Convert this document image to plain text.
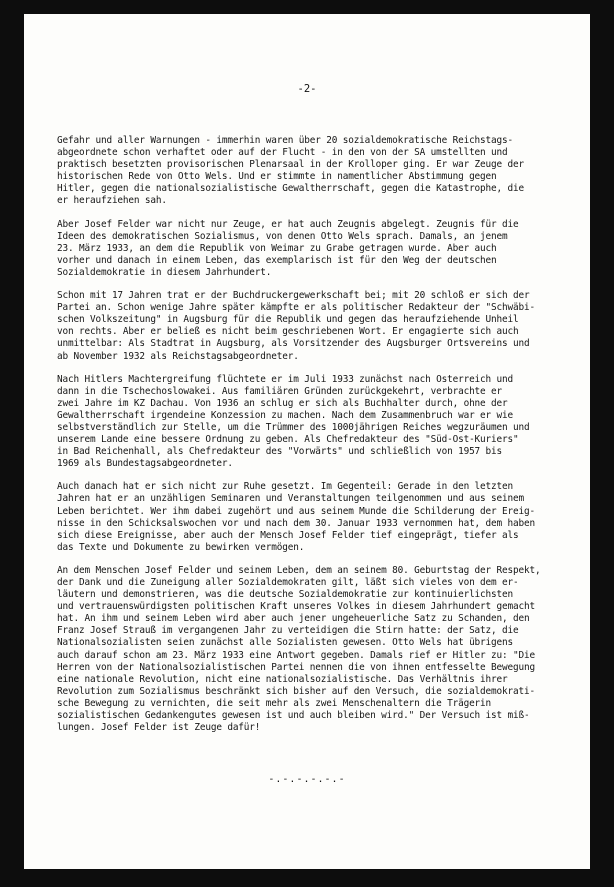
-2-

Gefahr und aller Warnungen - immerhin waren über 20 sozialdemokratische Reichstags-
abgeordnete schon verhaftet oder auf der Flucht - in den von der SA umstellten und
praktisch besetzten provisorischen Plenarsaal in der Krolloper ging. Er war Zeuge der
historischen Rede von Otto Wels. Und er stimmte in namentlicher Abstimmung gegen
Hitler, gegen die nationalsozialistische Gewaltherrschaft, gegen die Katastrophe, die
er heraufziehen sah.

Aber Josef Felder war nicht nur Zeuge, er hat auch Zeugnis abgelegt. Zeugnis für die
Ideen des demokratischen Sozialismus, von denen Otto Wels sprach. Damals, an jenem
23. März 1933, an dem die Republik von Weimar zu Grabe getragen wurde. Aber auch
vorher und danach in einem Leben, das exemplarisch ist für den Weg der deutschen
Sozialdemokratie in diesem Jahrhundert.

Schon mit 17 Jahren trat er der Buchdruckergewerkschaft bei; mit 20 schloß er sich der
Partei an. Schon wenige Jahre später kämpfte er als politischer Redakteur der "Schwäbi-
schen Volkszeitung" in Augsburg für die Republik und gegen das heraufziehende Unheil
von rechts. Aber er beließ es nicht beim geschriebenen Wort. Er engagierte sich auch
unmittelbar: Als Stadtrat in Augsburg, als Vorsitzender des Augsburger Ortsvereins und
ab November 1932 als Reichstagsabgeordneter.

Nach Hitlers Machtergreifung flüchtete er im Juli 1933 zunächst nach Österreich und
dann in die Tschechoslowakei. Aus familiären Gründen zurückgekehrt, verbrachte er
zwei Jahre im KZ Dachau. Von 1936 an schlug er sich als Buchhalter durch, ohne der
Gewaltherrschaft irgendeine Konzession zu machen. Nach dem Zusammenbruch war er wie
selbstverständlich zur Stelle, um die Trümmer des 1000jährigen Reiches wegzuräumen und
unserem Lande eine bessere Ordnung zu geben. Als Chefredakteur des "Süd-Ost-Kuriers"
in Bad Reichenhall, als Chefredakteur des "Vorwärts" und schließlich von 1957 bis
1969 als Bundestagsabgeordneter.

Auch danach hat er sich nicht zur Ruhe gesetzt. Im Gegenteil: Gerade in den letzten
Jahren hat er an unzähligen Seminaren und Veranstaltungen teilgenommen und aus seinem
Leben berichtet. Wer ihm dabei zugehört und aus seinem Munde die Schilderung der Ereig-
nisse in den Schicksalswochen vor und nach dem 30. Januar 1933 vernommen hat, dem haben
sich diese Ereignisse, aber auch der Mensch Josef Felder tief eingeprägt, tiefer als
das Texte und Dokumente zu bewirken vermögen.

An dem Menschen Josef Felder und seinem Leben, dem an seinem 80. Geburtstag der Respekt,
der Dank und die Zuneigung aller Sozialdemokraten gilt, läßt sich vieles von dem er-
läutern und demonstrieren, was die deutsche Sozialdemokratie zur kontinuierlichsten
und vertrauenswürdigsten politischen Kraft unseres Volkes in diesem Jahrhundert gemacht
hat. An ihm und seinem Leben wird aber auch jener ungeheuerliche Satz zu Schanden, den
Franz Josef Strauß im vergangenen Jahr zu verteidigen die Stirn hatte: der Satz, die
Nationalsozialisten seien zunächst alle Sozialisten gewesen. Otto Wels hat übrigens
auch darauf schon am 23. März 1933 eine Antwort gegeben. Damals rief er Hitler zu: "Die
Herren von der Nationalsozialistischen Partei nennen die von ihnen entfesselte Bewegung
eine nationale Revolution, nicht eine nationalsozialistische. Das Verhältnis ihrer
Revolution zum Sozialismus beschränkt sich bisher auf den Versuch, die sozialdemokrati-
sche Bewegung zu vernichten, die seit mehr als zwei Menschenaltern die Trägerin
sozialistischen Gedankengutes gewesen ist und auch bleiben wird." Der Versuch ist miß-
lungen. Josef Felder ist Zeuge dafür!

-.-.-.-.-.-
